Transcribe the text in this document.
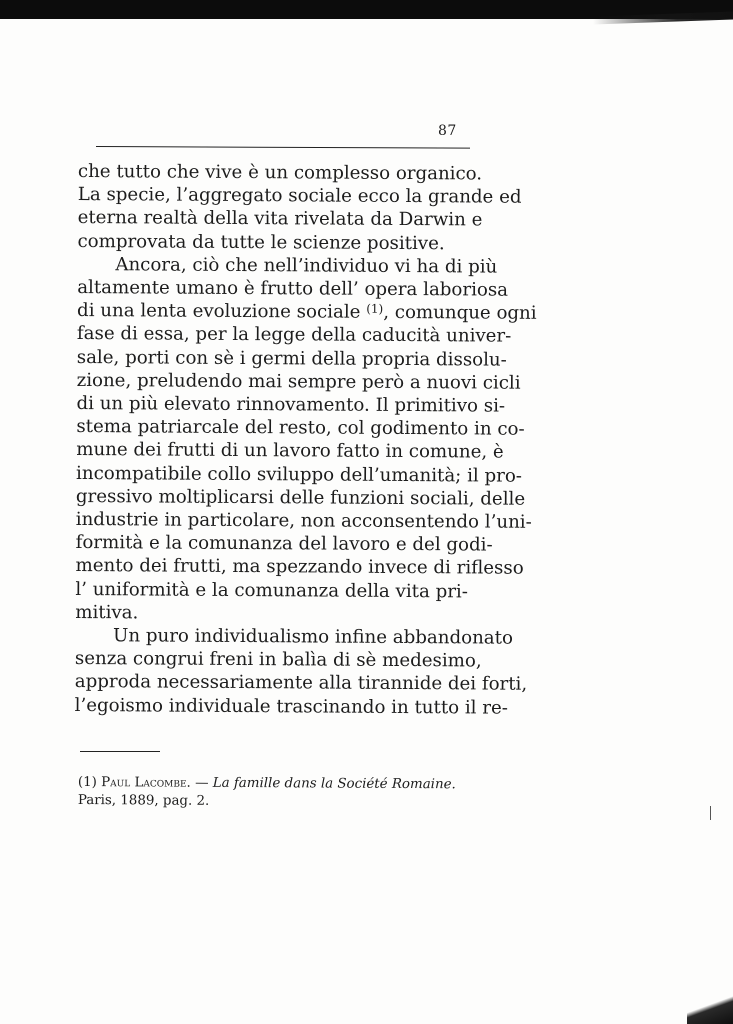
87

che tutto che vive è un complesso organico.
La specie, l’aggregato sociale ecco la grande ed
eterna realtà della vita rivelata da Darwin e
comprovata da tutte le scienze positive.

Ancora, ciò che nell’individuo vi ha di più
altamente umano è frutto dell’ opera laboriosa
di una lenta evoluzione sociale $^{(1)}$, comunque ogni
fase di essa, per la legge della caducità univer-
sale, porti con sè i germi della propria dissolu-
zione, preludendo mai sempre però a nuovi cicli
di un più elevato rinnovamento. Il primitivo si-
stema patriarcale del resto, col godimento in co-
mune dei frutti di un lavoro fatto in comune, è
incompatibile collo sviluppo dell’umanità; il pro-
gressivo moltiplicarsi delle funzioni sociali, delle
industrie in particolare, non acconsentendo l’uni-
formità e la comunanza del lavoro e del godi-
mento dei frutti, ma spezzando invece di riflesso
l’ uniformità e la comunanza della vita pri-
mitiva.

Un puro individualismo infine abbandonato
senza congrui freni in balìa di sè medesimo,
approda necessariamente alla tirannide dei forti,
l’egoismo individuale trascinando in tutto il re-

(1) Paul Lacombe. — La famille dans la Société Romaine.
Paris, 1889, pag. 2.
